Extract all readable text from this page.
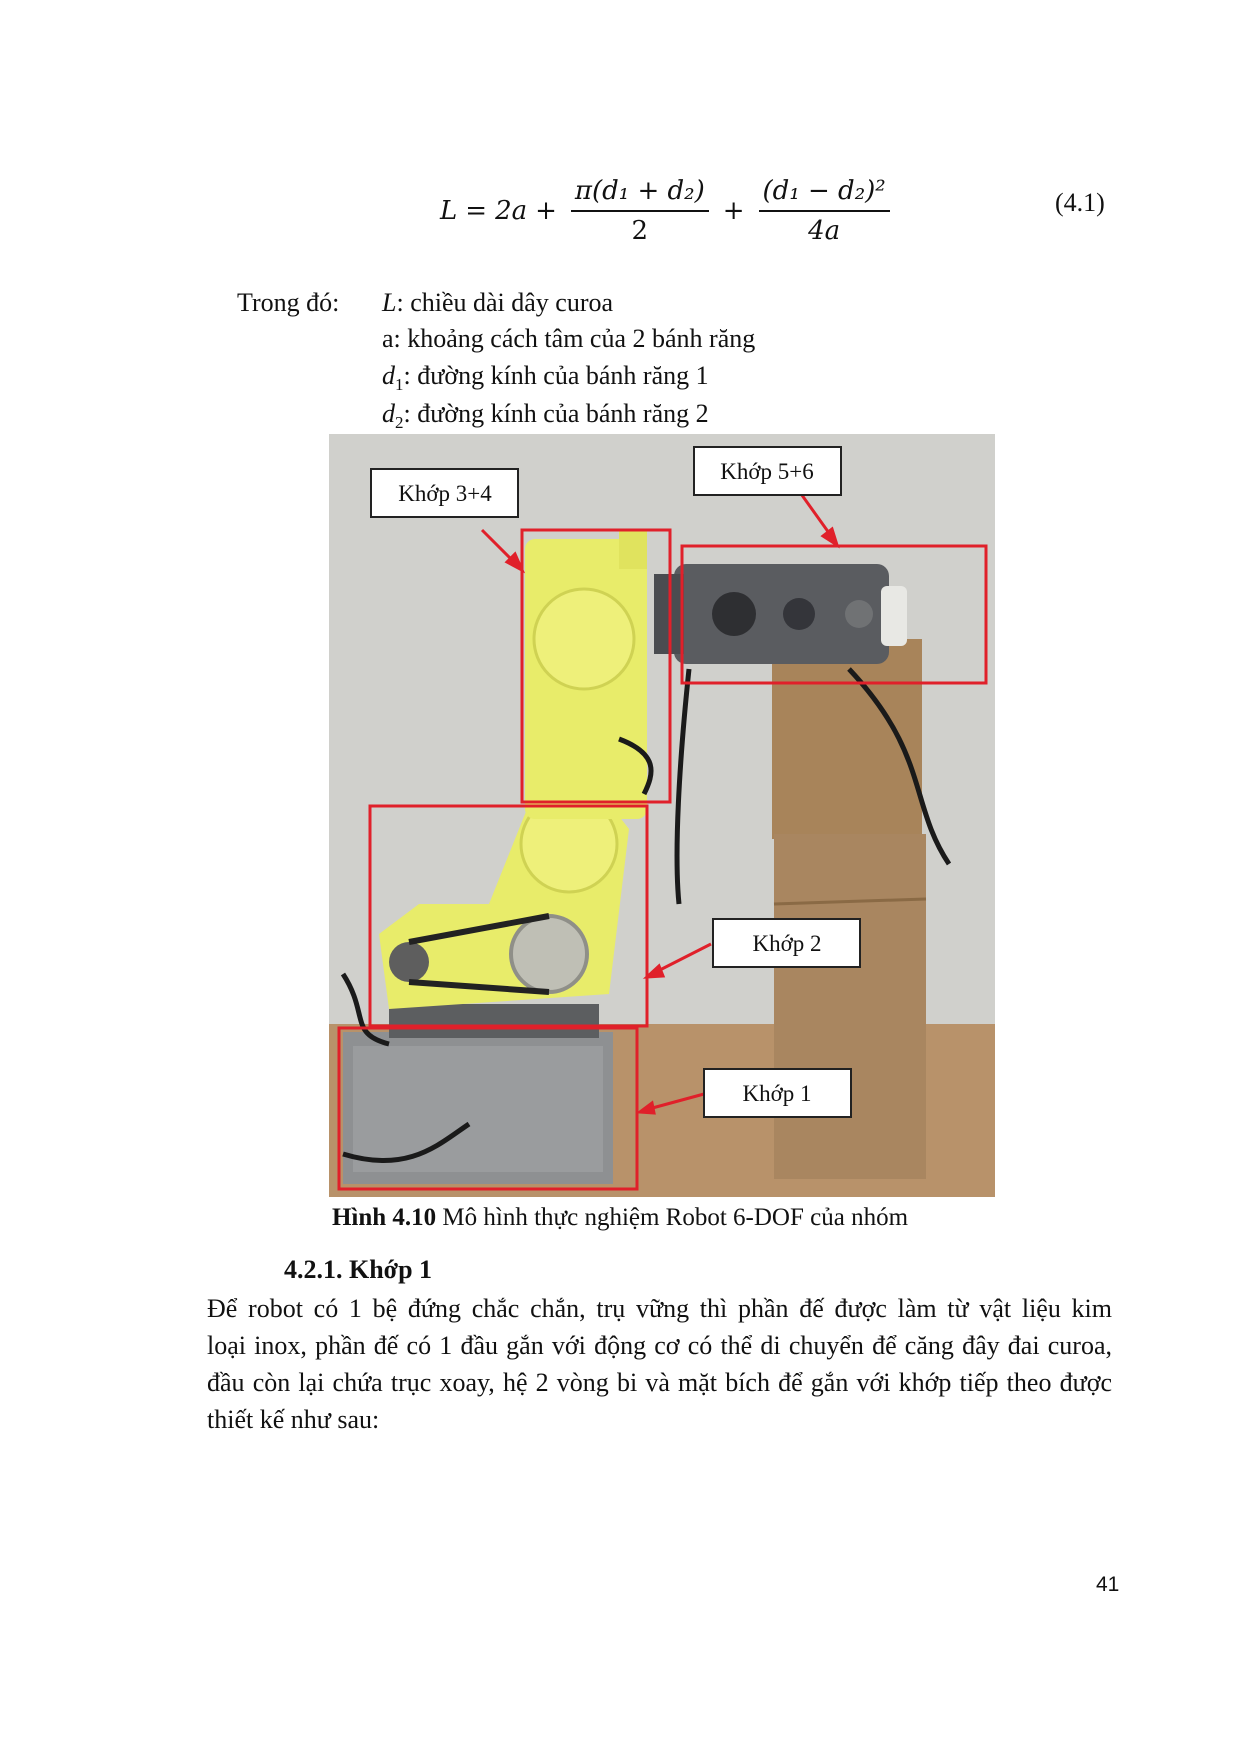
$L = 2a + \frac{\text{π(d₁ + d₂)}}{2} + \frac{\text{(d₁ − d₂)²}}{4a}$	(4.1)
Trong đó: L: chiều dài dây curoa
a: khoảng cách tâm của 2 bánh răng
$d_1$: đường kính của bánh răng 1
$d_2$: đường kính của bánh răng 2
Khớp 3+4
Khớp 5+6
Khớp 2
Khớp 1
Hình 4.10 Mô hình thực nghiệm Robot 6-DOF của nhóm
4.2.1. Khớp 1
Để robot có 1 bệ đứng chắc chắn, trụ vững thì phần đế được làm từ vật liệu kim
loại inox, phần đế có 1 đầu gắn với động cơ có thể di chuyển để căng đây đai curoa,
đầu còn lại chứa trục xoay, hệ 2 vòng bi và mặt bích để gắn với khớp tiếp theo được
thiết kế như sau:
41
